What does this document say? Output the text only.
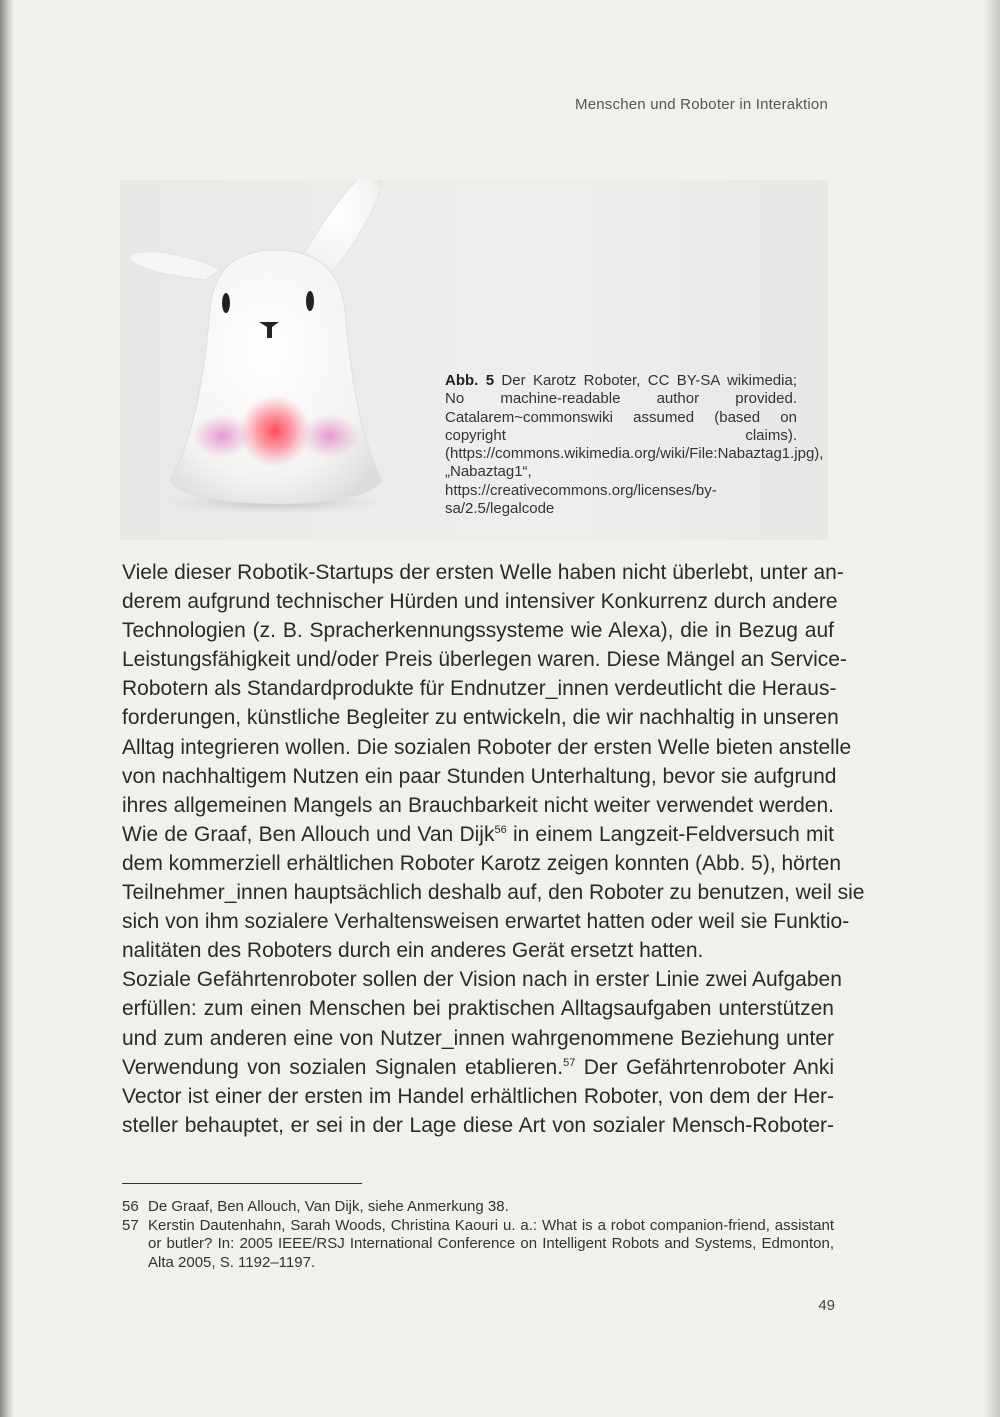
Menschen und Roboter in Interaktion
Abb. 5 Der Karotz Roboter, CC BY-SA wikimedia; No machine-readable author provided. Catalarem~commonswiki assumed (based on copyright claims). (https://commons.wikimedia.org/wiki/File:Nabaztag1.jpg), „Nabaztag1“, https://creativecommons.org/licenses/by-sa/2.5/legalcode
Viele dieser Robotik-Startups der ersten Welle haben nicht überlebt, unter an-
derem aufgrund technischer Hürden und intensiver Konkurrenz durch andere
Technologien (z. B. Spracherkennungssysteme wie Alexa), die in Bezug auf
Leistungsfähigkeit und/oder Preis überlegen waren. Diese Mängel an Service-
Robotern als Standardprodukte für Endnutzer_innen verdeutlicht die Heraus-
forderungen, künstliche Begleiter zu entwickeln, die wir nachhaltig in unseren
Alltag integrieren wollen. Die sozialen Roboter der ersten Welle bieten anstelle
von nachhaltigem Nutzen ein paar Stunden Unterhaltung, bevor sie aufgrund
ihres allgemeinen Mangels an Brauchbarkeit nicht weiter verwendet werden.
Wie de Graaf, Ben Allouch und Van Dijk$^{56}$ in einem Langzeit-Feldversuch mit
dem kommerziell erhältlichen Roboter Karotz zeigen konnten (Abb. 5), hörten
Teilnehmer_innen hauptsächlich deshalb auf, den Roboter zu benutzen, weil sie
sich von ihm sozialere Verhaltensweisen erwartet hatten oder weil sie Funktio-
nalitäten des Roboters durch ein anderes Gerät ersetzt hatten.
Soziale Gefährtenroboter sollen der Vision nach in erster Linie zwei Aufgaben
erfüllen: zum einen Menschen bei praktischen Alltagsaufgaben unterstützen
und zum anderen eine von Nutzer_innen wahrgenommene Beziehung unter
Verwendung von sozialen Signalen etablieren.$^{57}$ Der Gefährtenroboter Anki
Vector ist einer der ersten im Handel erhältlichen Roboter, von dem der Her-
steller behauptet, er sei in der Lage diese Art von sozialer Mensch-Roboter-
56 De Graaf, Ben Allouch, Van Dijk, siehe Anmerkung 38.
57 Kerstin Dautenhahn, Sarah Woods, Christina Kaouri u. a.: What is a robot companion-friend, assistant or butler? In: 2005 IEEE/RSJ International Conference on Intelligent Robots and Systems, Edmonton, Alta 2005, S. 1192–1197.
49
